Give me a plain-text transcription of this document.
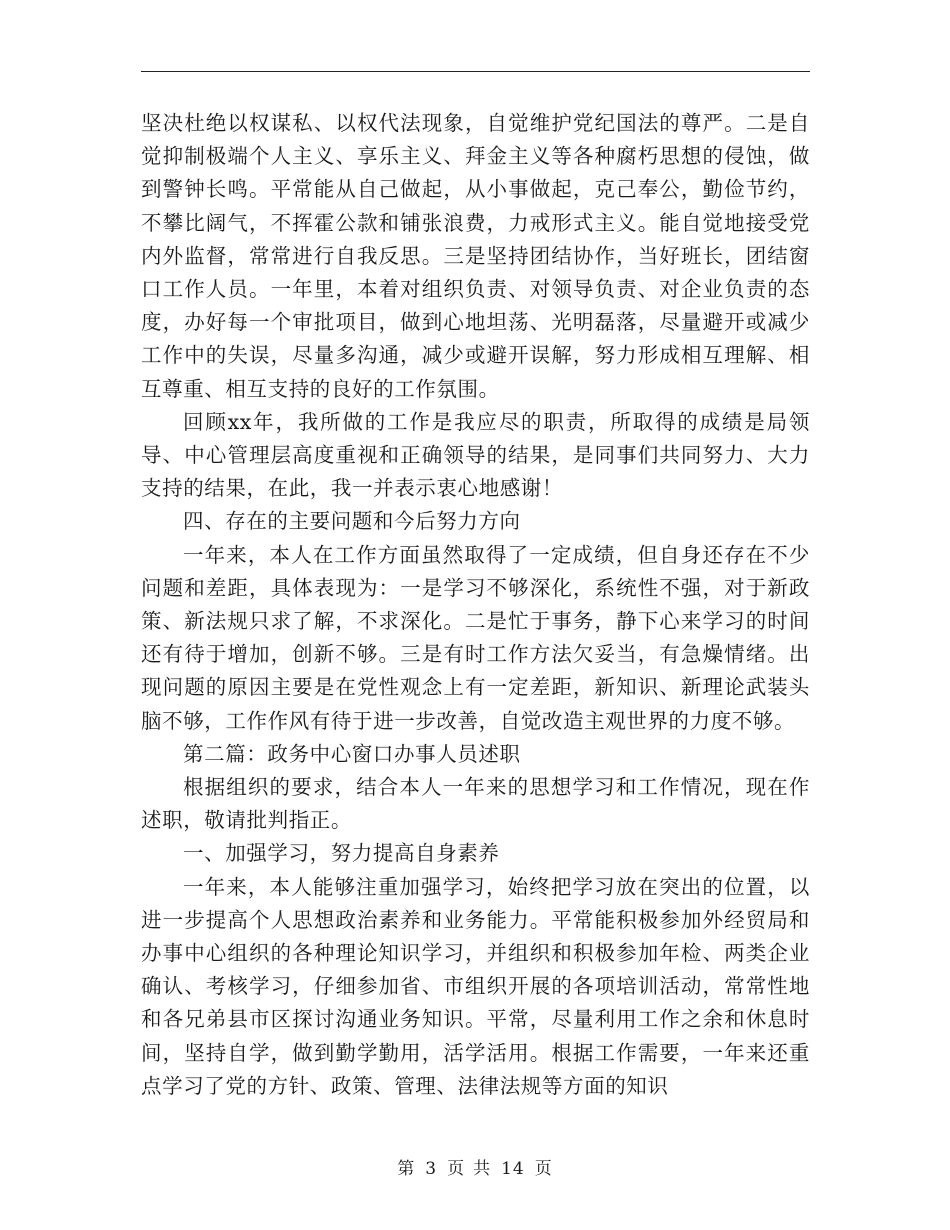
坚决杜绝以权谋私、以权代法现象，自觉维护党纪国法的尊严。二是自觉抑制极端个人主义、享乐主义、拜金主义等各种腐朽思想的侵蚀，做到警钟长鸣。平常能从自己做起，从小事做起，克己奉公，勤俭节约，不攀比阔气，不挥霍公款和铺张浪费，力戒形式主义。能自觉地接受党内外监督，常常进行自我反思。三是坚持团结协作，当好班长，团结窗口工作人员。一年里，本着对组织负责、对领导负责、对企业负责的态度，办好每一个审批项目，做到心地坦荡、光明磊落，尽量避开或减少工作中的失误，尽量多沟通，减少或避开误解，努力形成相互理解、相互尊重、相互支持的良好的工作氛围。

回顾xx年，我所做的工作是我应尽的职责，所取得的成绩是局领导、中心管理层高度重视和正确领导的结果，是同事们共同努力、大力支持的结果，在此，我一并表示衷心地感谢！

四、存在的主要问题和今后努力方向

一年来，本人在工作方面虽然取得了一定成绩，但自身还存在不少问题和差距，具体表现为：一是学习不够深化，系统性不强，对于新政策、新法规只求了解，不求深化。二是忙于事务，静下心来学习的时间还有待于增加，创新不够。三是有时工作方法欠妥当，有急燥情绪。出现问题的原因主要是在党性观念上有一定差距，新知识、新理论武装头脑不够，工作作风有待于进一步改善，自觉改造主观世界的力度不够。

第二篇：政务中心窗口办事人员述职

根据组织的要求，结合本人一年来的思想学习和工作情况，现在作述职，敬请批判指正。

一、加强学习，努力提高自身素养

一年来，本人能够注重加强学习，始终把学习放在突出的位置，以进一步提高个人思想政治素养和业务能力。平常能积极参加外经贸局和办事中心组织的各种理论知识学习，并组织和积极参加年检、两类企业确认、考核学习，仔细参加省、市组织开展的各项培训活动，常常性地和各兄弟县市区探讨沟通业务知识。平常，尽量利用工作之余和休息时间，坚持自学，做到勤学勤用，活学活用。根据工作需要，一年来还重点学习了党的方针、政策、管理、法律法规等方面的知识

第 3 页 共 14 页
